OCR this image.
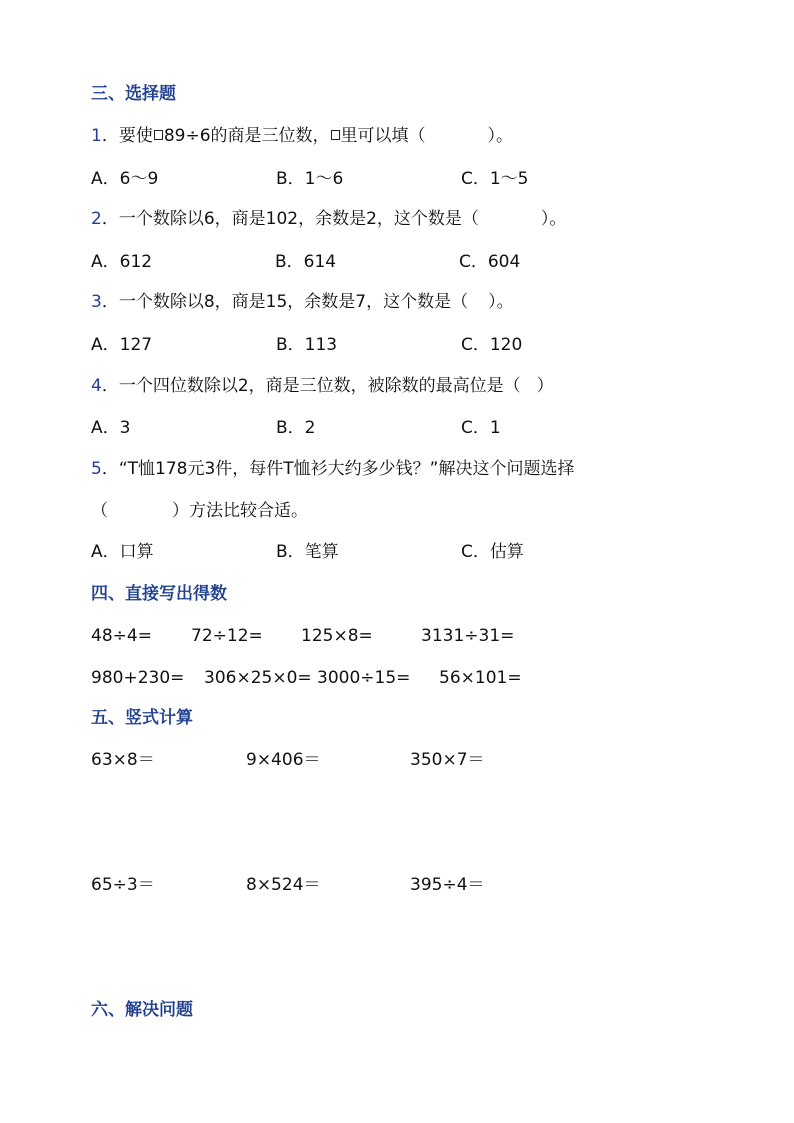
三、选择题
1．要使 89÷6的商是三位数， 里可以填（	）。
A．6～9	B．1～6	C．1～5
2．一个数除以6，商是102，余数是2，这个数是（	）。
A．612	B．614	C．604
3．一个数除以8，商是15，余数是7，这个数是（ ）。
A．127	B．113	C．120
4．一个四位数除以2，商是三位数，被除数的最高位是（ ）
A．3	B．2	C．1
5．“T恤178元3件，每件T恤衫大约多少钱？”解决这个问题选择
（	）方法比较合适。
A．口算	B．笔算	C．估算
四、直接写出得数
48÷4= 72÷12= 125×8=	3131÷31=
980+230= 306×25×0= 3000÷15= 56×101=
五、竖式计算
63×8＝	9×406＝	350×7＝
65÷3＝	8×524＝	395÷4＝
六、解决问题
